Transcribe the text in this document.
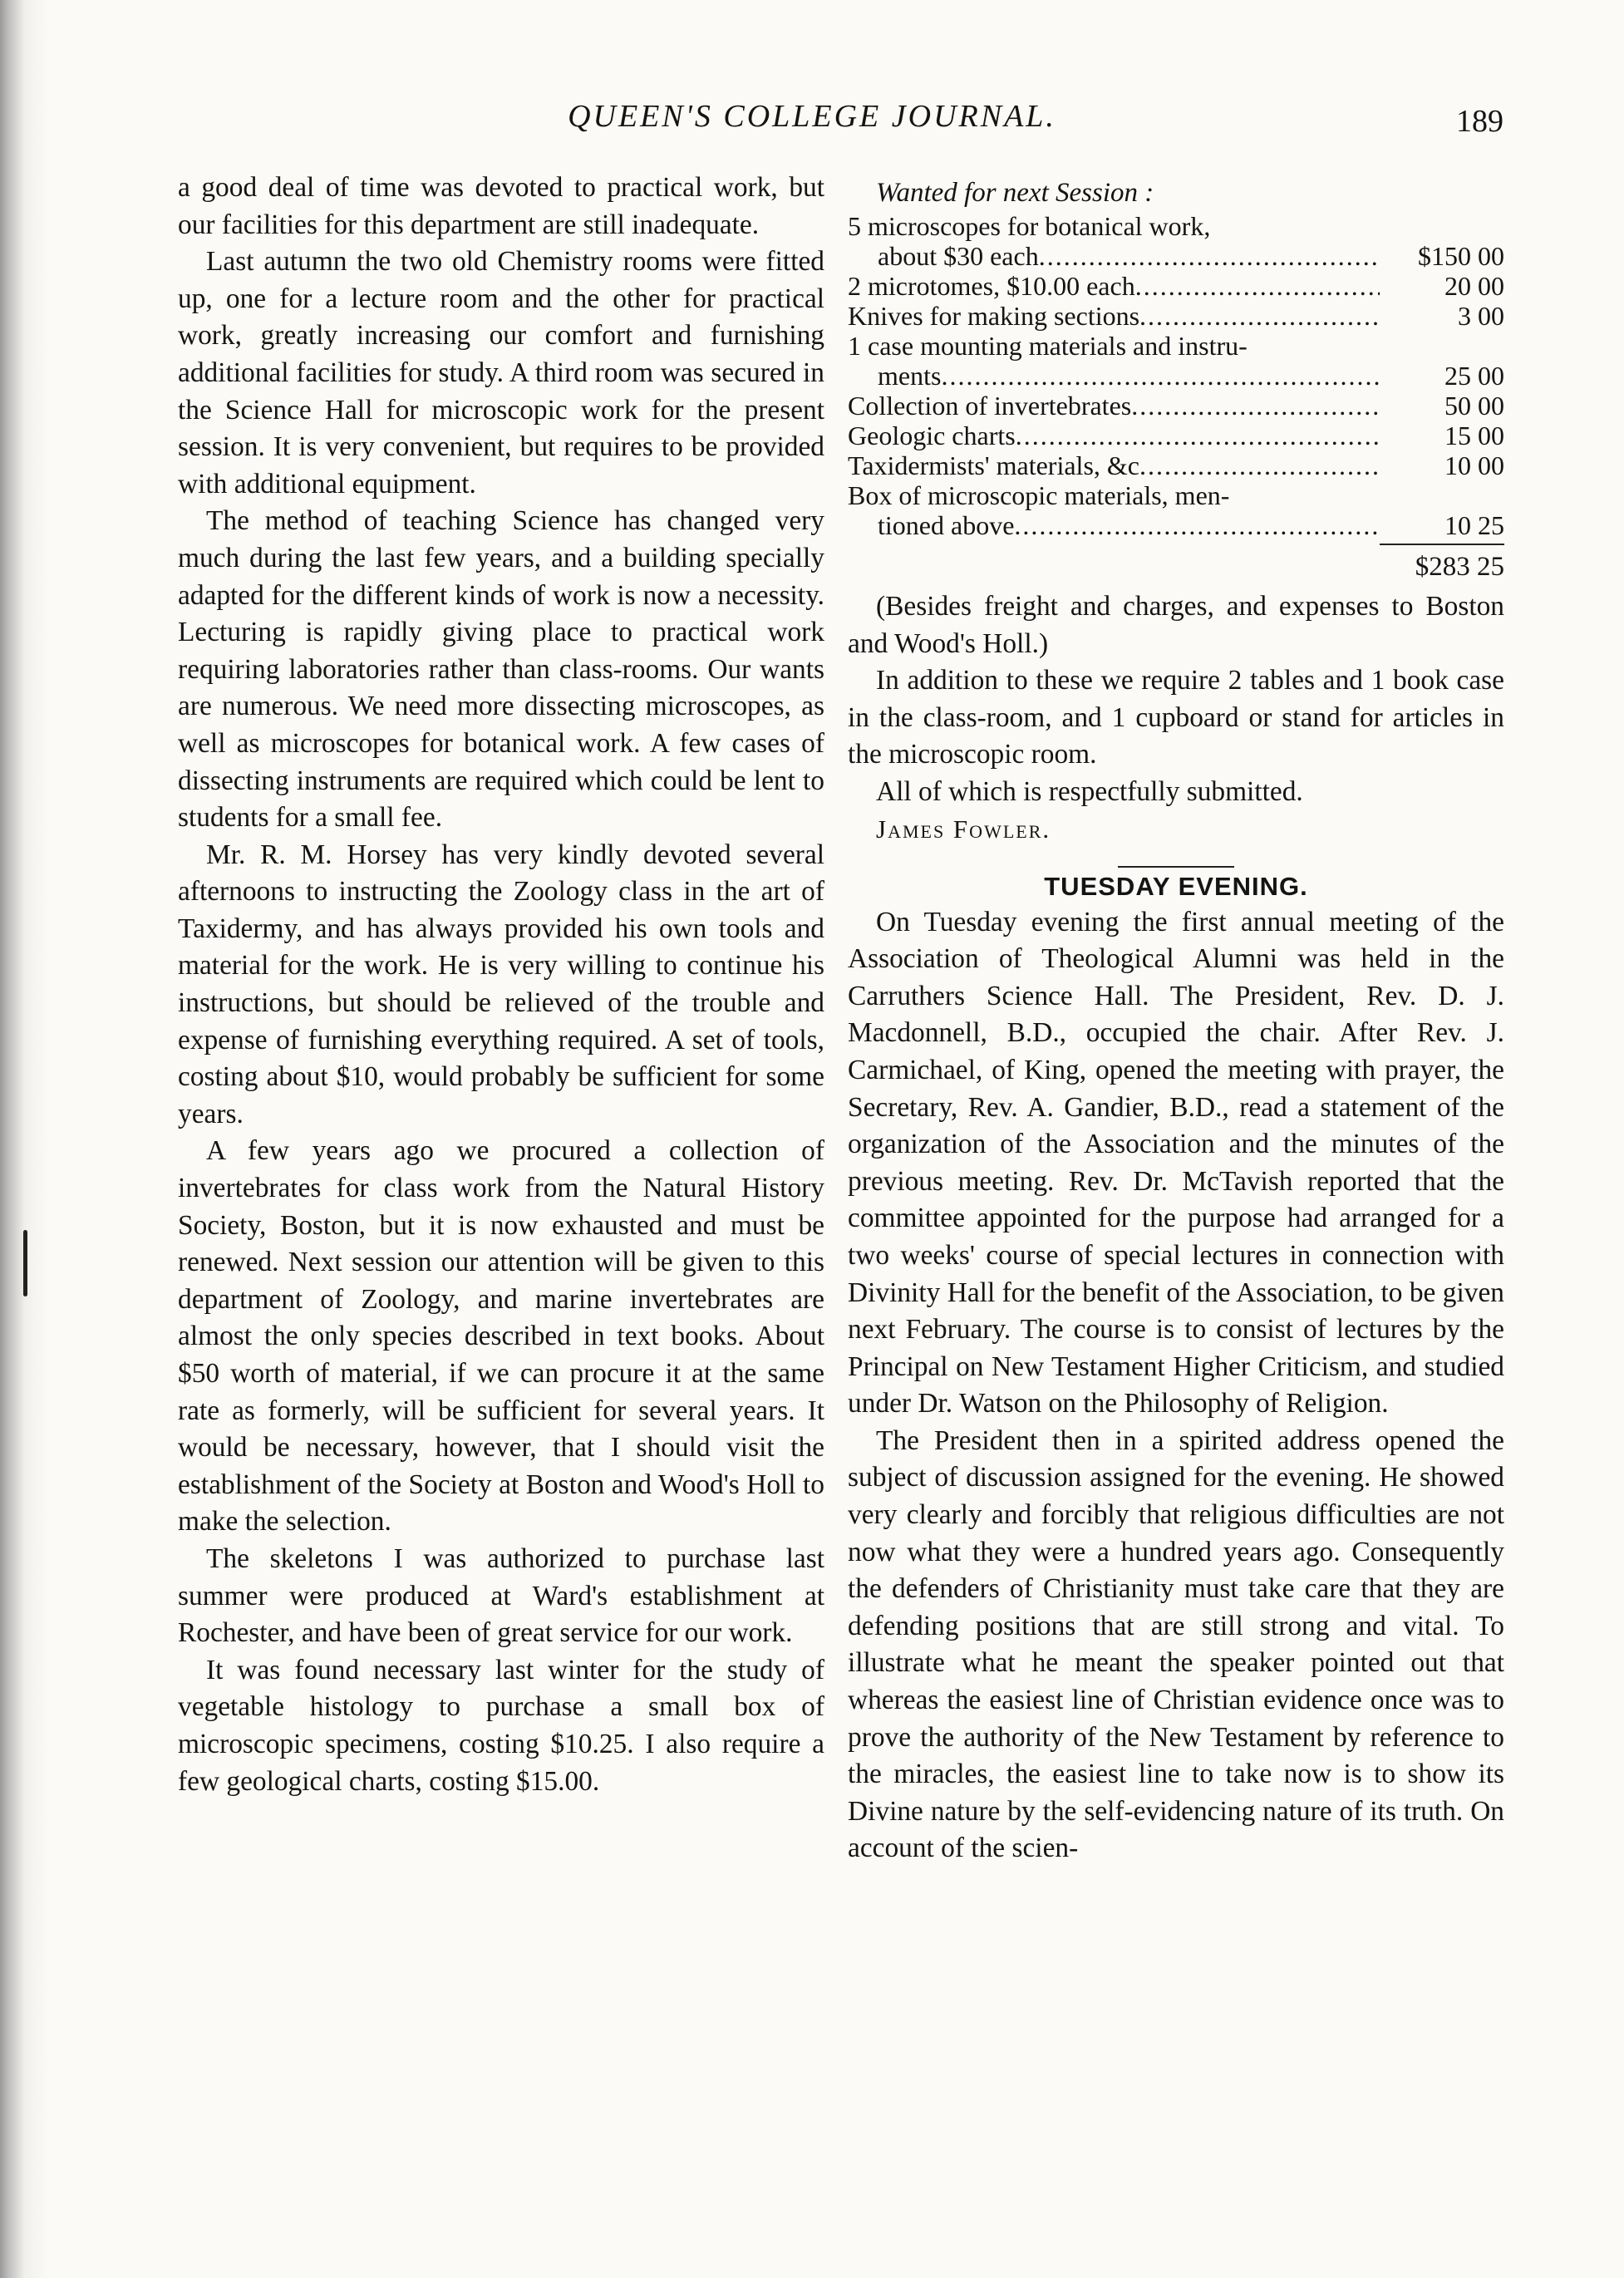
QUEEN'S COLLEGE JOURNAL.	189

a good deal of time was devoted to practical work, but our facilities for this department are still inadequate.

Last autumn the two old Chemistry rooms were fitted up, one for a lecture room and the other for practical work, greatly increasing our comfort and furnishing additional facilities for study. A third room was secured in the Science Hall for microscopic work for the present session. It is very convenient, but requires to be provided with additional equipment.

The method of teaching Science has changed very much during the last few years, and a building specially adapted for the different kinds of work is now a necessity. Lecturing is rapidly giving place to practical work requiring laboratories rather than class-rooms. Our wants are numerous. We need more dissecting microscopes, as well as microscopes for botanical work. A few cases of dissecting instruments are required which could be lent to students for a small fee.

Mr. R. M. Horsey has very kindly devoted several afternoons to instructing the Zoology class in the art of Taxidermy, and has always provided his own tools and material for the work. He is very willing to continue his instructions, but should be relieved of the trouble and expense of furnishing everything required. A set of tools, costing about $10, would probably be sufficient for some years.

A few years ago we procured a collection of invertebrates for class work from the Natural History Society, Boston, but it is now exhausted and must be renewed. Next session our attention will be given to this department of Zoology, and marine invertebrates are almost the only species described in text books. About $50 worth of material, if we can procure it at the same rate as formerly, will be sufficient for several years. It would be necessary, however, that I should visit the establishment of the Society at Boston and Wood's Holl to make the selection.

The skeletons I was authorized to purchase last summer were produced at Ward's establishment at Rochester, and have been of great service for our work.

It was found necessary last winter for the study of vegetable histology to purchase a small box of microscopic specimens, costing $10.25. I also require a few geological charts, costing $15.00.

Wanted for next Session :

5 microscopes for botanical work,
about $30 each .....	$150 00
2 microtomes, $10.00 each .....	20 00
Knives for making sections .....	3 00
1 case mounting materials and instru-
ments .....	25 00
Collection of invertebrates .....	50 00
Geologic charts .....	15 00
Taxidermists' materials, &c .....	10 00
Box of microscopic materials, men-
tioned above .....	10 25
$283 25

(Besides freight and charges, and expenses to Boston and Wood's Holl.)

In addition to these we require 2 tables and 1 book case in the class-room, and 1 cupboard or stand for articles in the microscopic room.

All of which is respectfully submitted.

James Fowler.

TUESDAY EVENING.

On Tuesday evening the first annual meeting of the Association of Theological Alumni was held in the Carruthers Science Hall. The President, Rev. D. J. Macdonnell, B.D., occupied the chair. After Rev. J. Carmichael, of King, opened the meeting with prayer, the Secretary, Rev. A. Gandier, B.D., read a statement of the organization of the Association and the minutes of the previous meeting. Rev. Dr. McTavish reported that the committee appointed for the purpose had arranged for a two weeks' course of special lectures in connection with Divinity Hall for the benefit of the Association, to be given next February. The course is to consist of lectures by the Principal on New Testament Higher Criticism, and studied under Dr. Watson on the Philosophy of Religion.

The President then in a spirited address opened the subject of discussion assigned for the evening. He showed very clearly and forcibly that religious difficulties are not now what they were a hundred years ago. Consequently the defenders of Christianity must take care that they are defending positions that are still strong and vital. To illustrate what he meant the speaker pointed out that whereas the easiest line of Christian evidence once was to prove the authority of the New Testament by reference to the miracles, the easiest line to take now is to show its Divine nature by the self-evidencing nature of its truth. On account of the scien-
